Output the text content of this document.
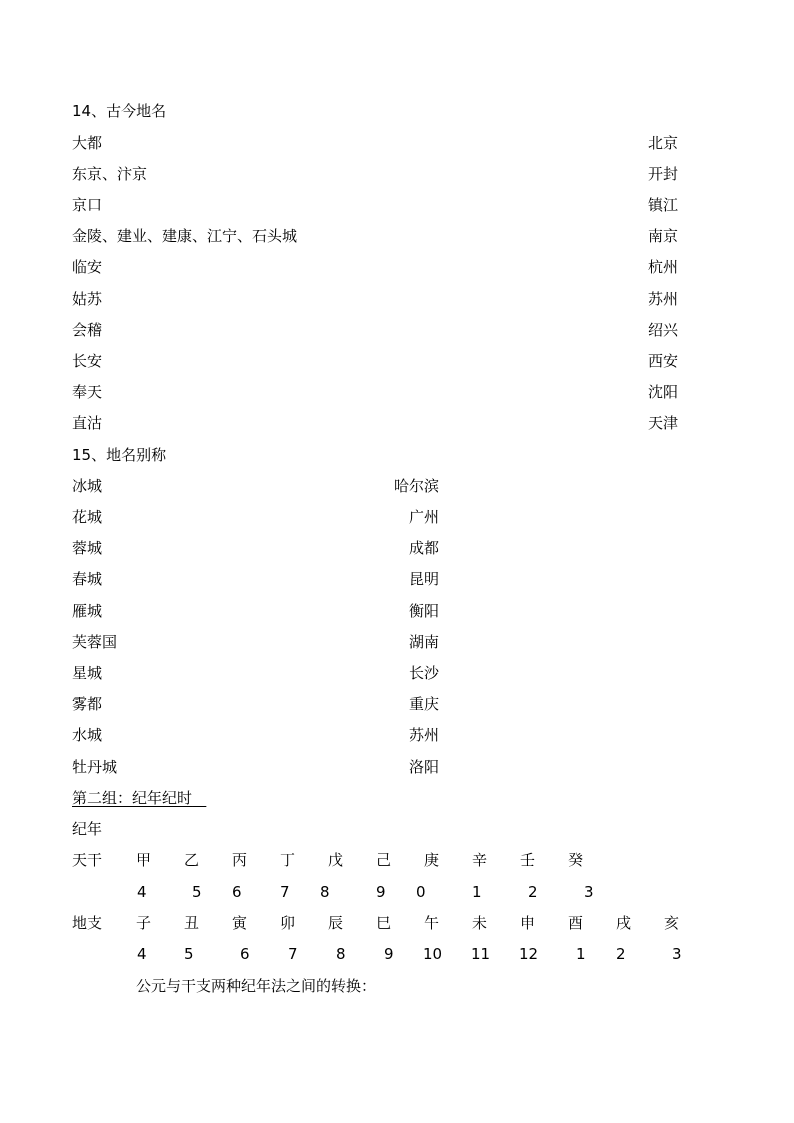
14、古今地名
大都	北京
东京、汴京	开封
京口	镇江
金陵、建业、建康、江宁、石头城	南京
临安	杭州
姑苏	苏州
会稽	绍兴
长安	西安
奉天	沈阳
直沽	天津
15、地名别称
冰城	哈尔滨
花城	广州
蓉城	成都
春城	昆明
雁城	衡阳
芙蓉国	湖南
星城	长沙
雾都	重庆
水城	苏州
牡丹城	洛阳
第二组：纪年纪时
纪年
天干 甲 乙 丙 丁 戊 己 庚 辛 壬 癸
4	5 6	7 8	9 0	1	2	3
地支 子 丑 寅 卯 辰 巳 午 未 申 酉 戌 亥
4 5	6	7	8	9 10 11 12	1 2	3
公元与干支两种纪年法之间的转换：
